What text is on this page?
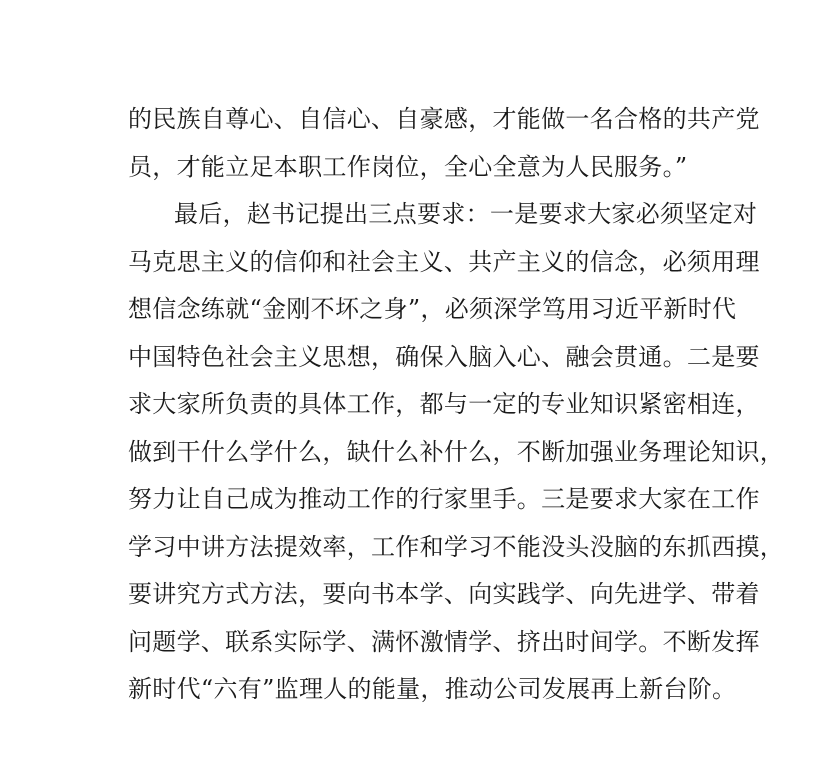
的民族自尊心、自信心、自豪感，才能做一名合格的共产党
员，才能立足本职工作岗位，全心全意为人民服务。”
最后，赵书记提出三点要求：一是要求大家必须坚定对
马克思主义的信仰和社会主义、共产主义的信念，必须用理
想信念练就“金刚不坏之身”，必须深学笃用习近平新时代
中国特色社会主义思想，确保入脑入心、融会贯通。二是要
求大家所负责的具体工作，都与一定的专业知识紧密相连，
做到干什么学什么，缺什么补什么，不断加强业务理论知识，
努力让自己成为推动工作的行家里手。三是要求大家在工作
学习中讲方法提效率，工作和学习不能没头没脑的东抓西摸，
要讲究方式方法，要向书本学、向实践学、向先进学、带着
问题学、联系实际学、满怀激情学、挤出时间学。不断发挥
新时代“六有”监理人的能量，推动公司发展再上新台阶。
